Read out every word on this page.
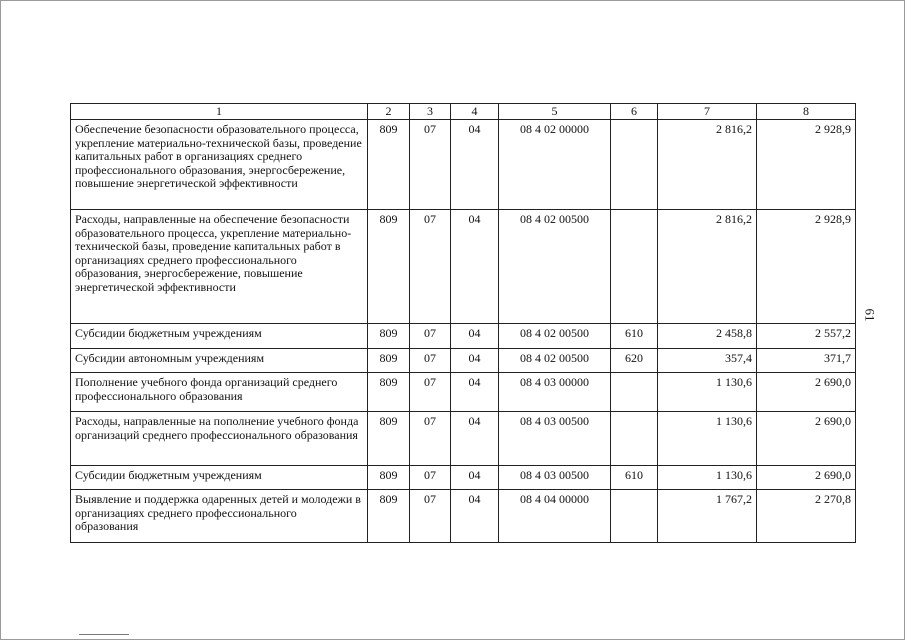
1	2	3	4	5	6	7	8
Обеспечение безопасности образовательного процесса, укрепление материально-технической базы, проведение капитальных работ в организациях среднего профессионального образования, энергосбережение, повышение энергетической эффективности	809	07	04	08 4 02 00000		2 816,2	2 928,9
Расходы, направленные на обеспечение безопасности образовательного процесса, укрепление материально-технической базы, проведение капитальных работ в организациях среднего профессионального образования, энергосбережение, повышение энергетической эффективности	809	07	04	08 4 02 00500		2 816,2	2 928,9
Субсидии бюджетным учреждениям	809	07	04	08 4 02 00500	610	2 458,8	2 557,2
Субсидии автономным учреждениям	809	07	04	08 4 02 00500	620	357,4	371,7
Пополнение учебного фонда организаций среднего профессионального образования	809	07	04	08 4 03 00000		1 130,6	2 690,0
Расходы, направленные на пополнение учебного фонда организаций среднего профессионального образования	809	07	04	08 4 03 00500		1 130,6	2 690,0
Субсидии бюджетным учреждениям	809	07	04	08 4 03 00500	610	1 130,6	2 690,0
Выявление и поддержка одаренных детей и молодежи в организациях среднего профессионального образования	809	07	04	08 4 04 00000		1 767,2	2 270,8
61
